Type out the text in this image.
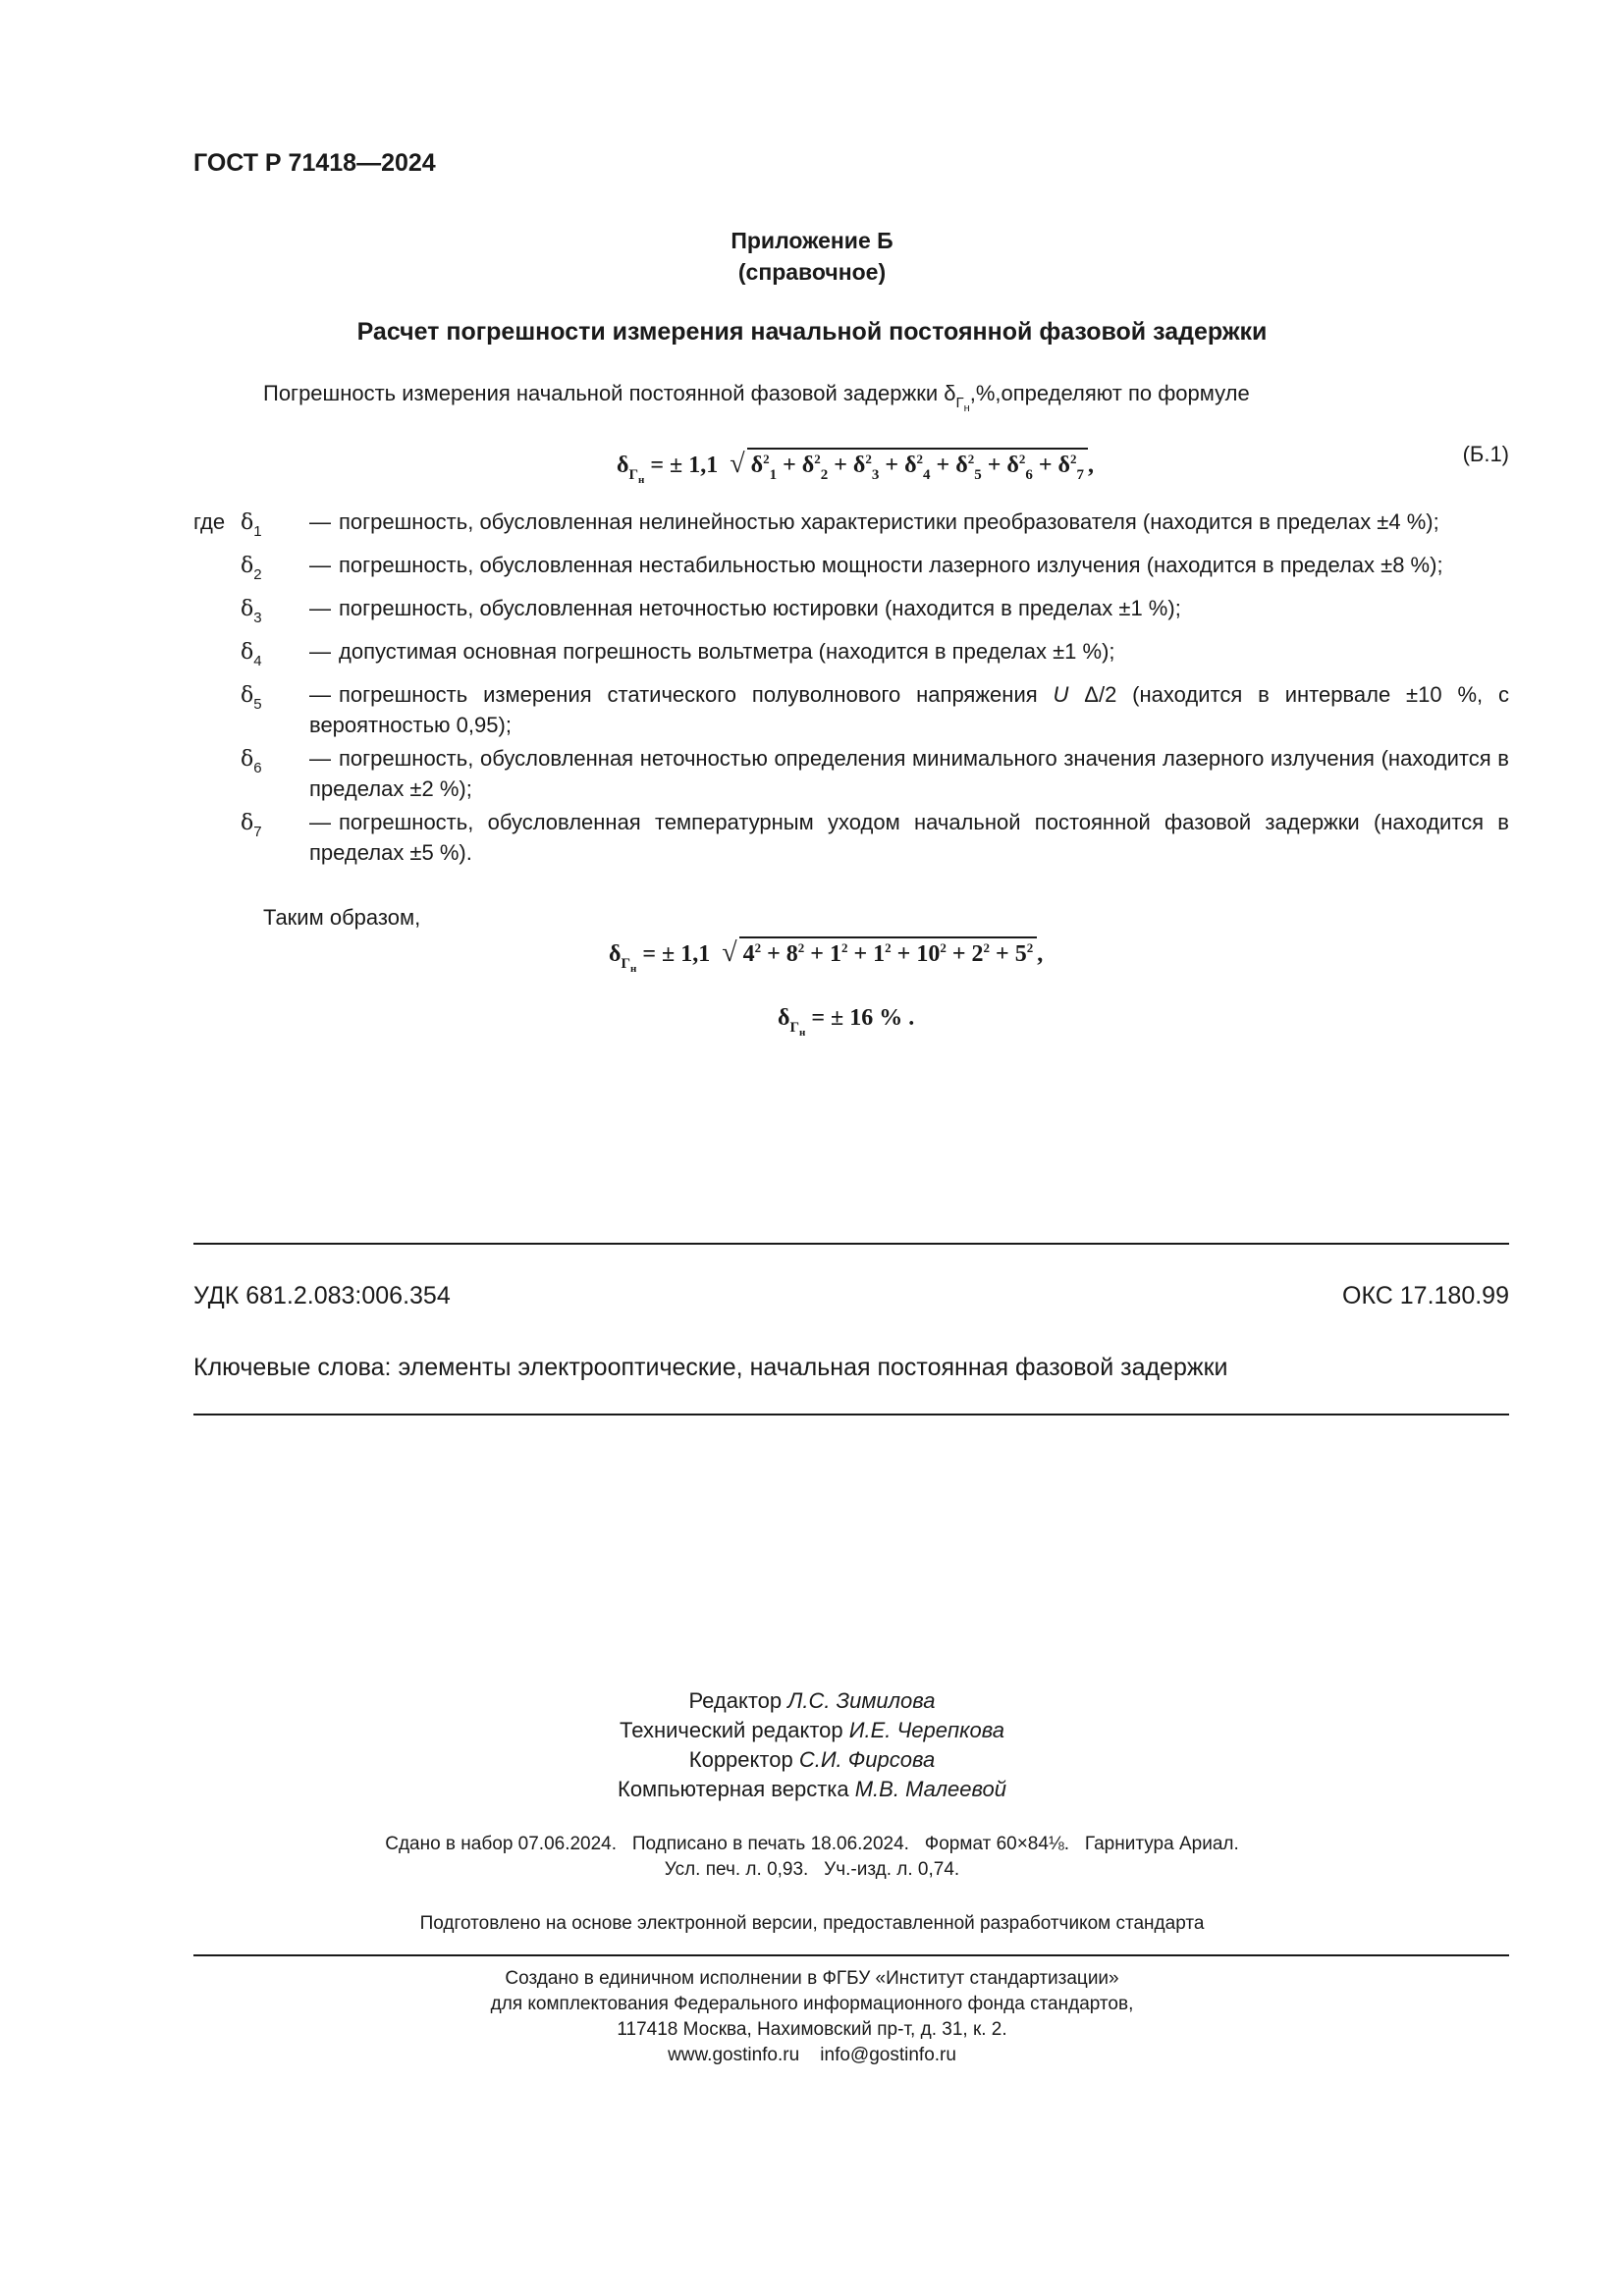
ГОСТ Р 71418—2024
Приложение Б
(справочное)
Расчет погрешности измерения начальной постоянной фазовой задержки
Погрешность измерения начальной постоянной фазовой задержки $\delta_{Г_н},\%,определяют$ по формуле
$\delta_{Г_н}$ = ± 1,1 √ $\delta^2_1 + \delta^2_2 + \delta^2_3 + \delta^2_4 + \delta^2_5 + \delta^2_6 + \delta^2_7$ ,	(Б.1)
где $\delta_1$	— погрешность, обусловленная нелинейностью характеристики преобразователя (находится в пределах ±4 %);
$\delta_2$	— погрешность, обусловленная нестабильностью мощности лазерного излучения (находится в пределах ±8 %);
$\delta_3$	— погрешность, обусловленная неточностью юстировки (находится в пределах ±1 %);
$\delta_4$	— допустимая основная погрешность вольтметра (находится в пределах ±1 %);
$\delta_5$	— погрешность измерения статического полуволнового напряжения U Δ/2 (находится в интервале ±10 %, с вероятностью 0,95);
$\delta_6$	— погрешность, обусловленная неточностью определения минимального значения лазерного излучения (находится в пределах ±2 %);
$\delta_7$	— погрешность, обусловленная температурным уходом начальной постоянной фазовой задержки (находится в пределах ±5 %).
Таким образом,
$\delta_{Г_н}$ = ± 1,1 √ $4^2 + 8^2 + 1^2 + 1^2 + 10^2 + 2^2 + 5^2$ ,
$\delta_{Г_н}$ = ± 16 % .
УДК 681.2.083:006.354	ОКС 17.180.99
Ключевые слова: элементы электрооптические, начальная постоянная фазовой задержки
Редактор Л.С. Зимилова
Технический редактор И.Е. Черепкова
Корректор С.И. Фирсова
Компьютерная верстка М.В. Малеевой
Сдано в набор 07.06.2024.   Подписано в печать 18.06.2024.   Формат 60×84⅛.   Гарнитура Ариал.
Усл. печ. л. 0,93.   Уч.-изд. л. 0,74.
Подготовлено на основе электронной версии, предоставленной разработчиком стандарта
Создано в единичном исполнении в ФГБУ «Институт стандартизации»
для комплектования Федерального информационного фонда стандартов,
117418 Москва, Нахимовский пр-т, д. 31, к. 2.
www.gostinfo.ru    info@gostinfo.ru
